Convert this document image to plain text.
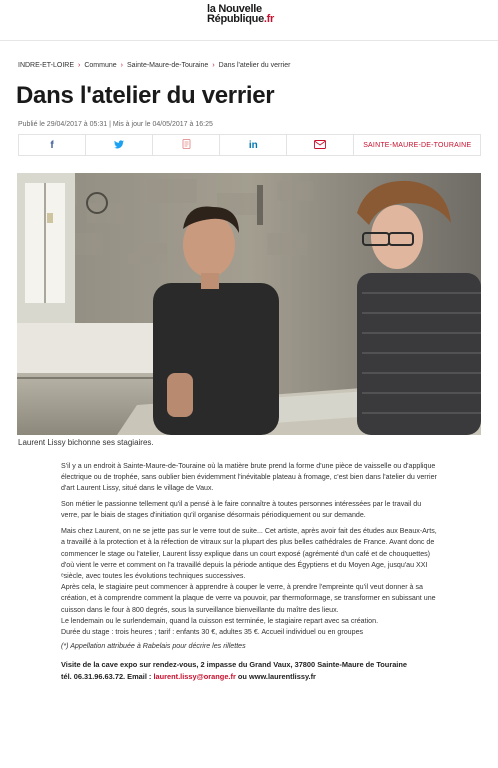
la Nouvelle
République.fr
INDRE-ET-LOIRE › Commune › Sainte-Maure-de-Touraine › Dans l'atelier du verrier
Dans l'atelier du verrier
Publié le 29/04/2017 à 05:31 | Mis à jour le 04/05/2017 à 16:25
f	in	SAINTE-MAURE-DE-TOURAINE
Laurent Lissy bichonne ses stagiaires.

S'il y a un endroit à Sainte-Maure-de-Touraine où la matière brute prend la forme d'une pièce de vaisselle ou d'applique électrique ou de trophée, sans oublier bien évidemment l'inévitable plateau à fromage, c'est bien dans l'atelier du verrier d'art Laurent Lissy, situé dans le village de Vaux.

Son métier le passionne tellement qu'il a pensé à le faire connaître à toutes personnes intéressées par le travail du verre, par le biais de stages d'initiation qu'il organise désormais périodiquement ou sur demande.

Mais chez Laurent, on ne se jette pas sur le verre tout de suite... Cet artiste, après avoir fait des études aux Beaux-Arts, a travaillé à la protection et à la réfection de vitraux sur la plupart des plus belles cathédrales de France. Avant donc de commencer le stage ou l'atelier, Laurent lissy explique dans un court exposé (agrémenté d'un café et de chouquettes) d'où vient le verre et comment on l'a travaillé depuis la période antique des Égyptiens et du Moyen Age, jusqu'au XXI ᵉsiècle, avec toutes les évolutions techniques successives.

Après cela, le stagiaire peut commencer à apprendre à couper le verre, à prendre l'empreinte qu'il veut donner à sa création, et à comprendre comment la plaque de verre va pouvoir, par thermoformage, se transformer en subissant une cuisson dans le four à 800 degrés, sous la surveillance bienveillante du maître des lieux.

Le lendemain ou le surlendemain, quand la cuisson est terminée, le stagiaire repart avec sa création.

Durée du stage : trois heures ; tarif : enfants 30 €, adultes 35 €. Accueil individuel ou en groupes

(*) Appellation attribuée à Rabelais pour décrire les rillettes

Visite de la cave expo sur rendez-vous, 2 impasse du Grand Vaux, 37800 Sainte-Maure de Touraine
tél. 06.31.96.63.72. Email : laurent.lissy@orange.fr ou www.laurentlissy.fr
